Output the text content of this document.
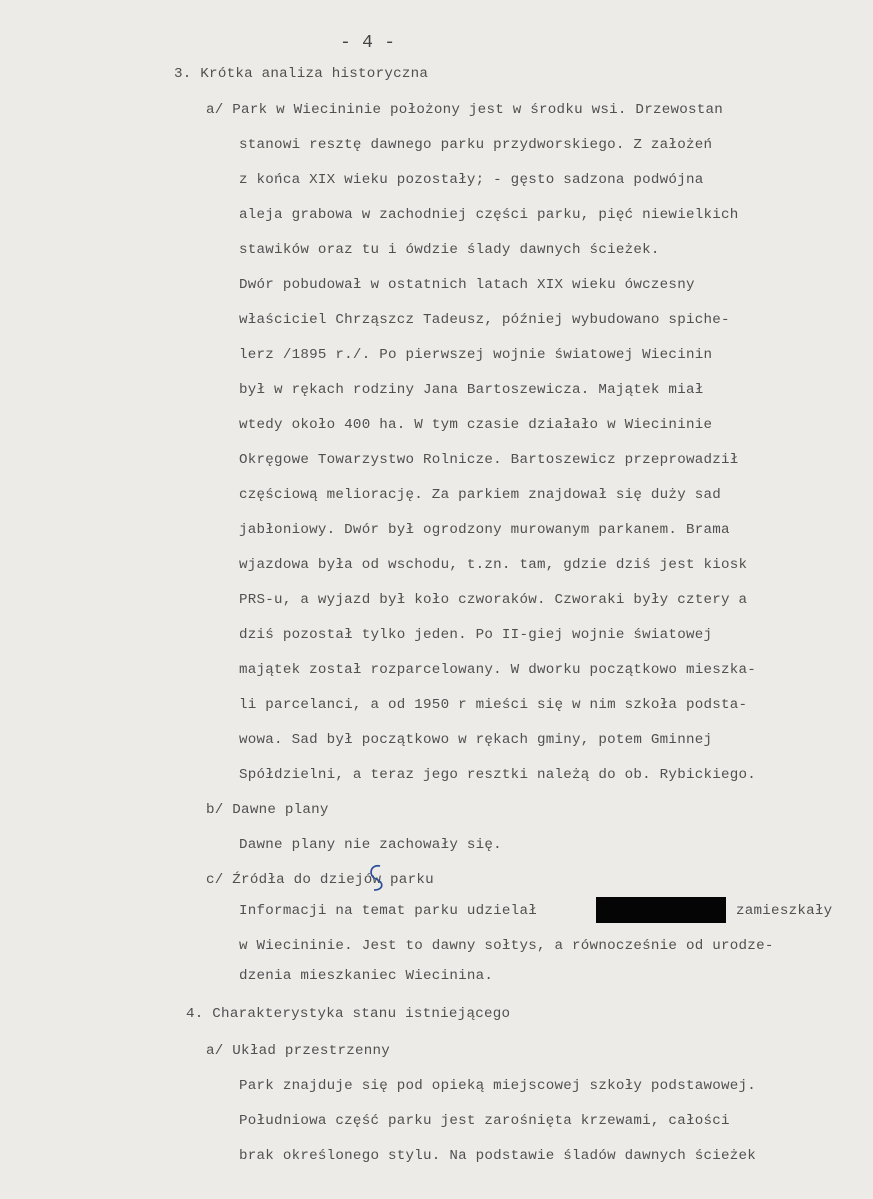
- 4 -
3. Krótka analiza historyczna
a/ Park w Wiecininie położony jest w środku wsi. Drzewostan
stanowi resztę dawnego parku przydworskiego. Z założeń
z końca XIX wieku pozostały; - gęsto sadzona podwójna
aleja grabowa w zachodniej części parku, pięć niewielkich
stawików oraz tu i ówdzie ślady dawnych ścieżek.
Dwór pobudował w ostatnich latach XIX wieku ówczesny
właściciel Chrząszcz Tadeusz, później wybudowano spiche-
lerz /1895 r./. Po pierwszej wojnie światowej Wiecinin
był w rękach rodziny Jana Bartoszewicza. Majątek miał
wtedy około 400 ha. W tym czasie działało w Wiecininie
Okręgowe Towarzystwo Rolnicze. Bartoszewicz przeprowadził
częściową meliorację. Za parkiem znajdował się duży sad
jabłoniowy. Dwór był ogrodzony murowanym parkanem. Brama
wjazdowa była od wschodu, t.zn. tam, gdzie dziś jest kiosk
PRS-u, a wyjazd był koło czworaków. Czworaki były cztery a
dziś pozostał tylko jeden. Po II-giej wojnie światowej
majątek został rozparcelowany. W dworku początkowo mieszka-
li parcelanci, a od 1950 r mieści się w nim szkoła podsta-
wowa. Sad był początkowo w rękach gminy, potem Gminnej
Spółdzielni, a teraz jego resztki należą do ob. Rybickiego.
b/ Dawne plany
Dawne plany nie zachowały się.
c/ Źródła do dziejów parku
Informacji na temat parku udzielał	zamieszkały
w Wiecininie. Jest to dawny sołtys, a równocześnie od urodze-
dzenia mieszkaniec Wiecinina.
4. Charakterystyka stanu istniejącego
a/ Układ przestrzenny
Park znajduje się pod opieką miejscowej szkoły podstawowej.
Południowa część parku jest zarośnięta krzewami, całości
brak określonego stylu. Na podstawie śladów dawnych ścieżek
